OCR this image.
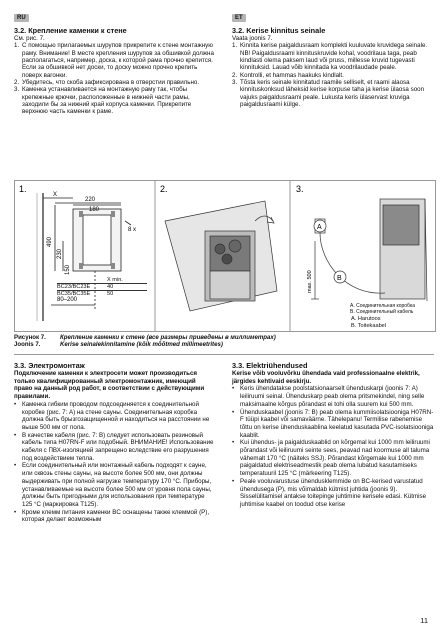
RU	ET
3.2. Крепление каменки к стене

См. рис. 7.

1. С помощью прилагаемых шурупов прикрепите к стене монтажную раму. Внимание! В месте крепления шурупов за обшивкой должна располагаться, например, доска, к которой рама прочно крепится. Если за обшивкой нет доски, то доску можно прочно крепить поверх вагонки.
2. Убедитесь, что скоба зафиксирована в отверстии правильно.
3. Каменка устанавливается на монтажную раму так, чтобы крепежные крючки, расположенные в нижней части рамы, заходили бы за нижний край корпуса каменки. Прикрепите верхнюю часть каменки к раме.
3.2. Kerise kinnitus seinale

Vaata joonis 7.

1. Kinnita kerise paigaldusraam komplekti kuuluvate kruvidega seinale. NB! Paigaldusraami kinnituskruvide kohal, voodrilaua taga, peab kindlasti olema paksem laud või pruss, millesse kruvid tugevasti kinnituksid. Lauad võib kinnitada ka voodrilaudade peale.
2. Kontrolli, et hammas haakuks kindlalt.
3. Tõsta keris seinale kinnitatud raamile selliselt, et raami alaosa kinnituskonksud läheksid kerise korpuse taha ja kerise ülaosa soon vajuks paigaldusraami peale. Lukusta keris ülaservast kruviga paigaldusraami külge.
1.	2.	3.
X
220
180
8 x
490
230
150
80–200
A
B
max. 500
X min.
BC23/BC23E	40
BC35/BC35E	50
A. Соединительная коробка
B. Соединительный кабель
A. Harutoos
B. Toitekaabel
Рисунок 7. Крепление каменки к стене (все размеры приведены в миллиметрах)
Joonis 7.	Kerise seinalekinnitamine (kõik mõõtmed millimeetrites)
3.3. Электромонтаж

Подключение каменки к электросети может производиться только квалифицированный электромонтажник, имеющий право на данный род работ, в соответствии с действующими правилами.

• Каменка гибким проводом подсоединяется к соединительной коробке (рис. 7: A) на стене сауны. Соединительная коробка должна быть брызгозащищенной и находиться на расстоянии не выше 500 мм от пола.
• В качестве кабеля (рис. 7: B) следует использовать резиновый кабель типа H07RN-F или подобный. ВНИМАНИЕ! Использование кабеля с ПВХ-изоляцией запрещено вследствие его разрушения под воздействием тепла.
• Если соединительный или монтажный кабель подходят к сауне, или сквозь стены сауны, на высоте более 500 мм, они должны выдерживать при полной нагрузке температуру 170 °C. Приборы, устанавливаемые на высоте более 500 мм от уровня пола сауны, должны быть пригодными для использования при температуре 125 °C (маркировка T125).
• Кроме клемм питания каменки BC оснащены также клеммой (P), которая делает возможным
3.3. Elektriühendused

Kerise võib vooluvõrku ühendada vaid professionaalne elektrik, järgides kehtivaid eeskirju.

• Keris ühendatakse poolstatsionaarselt ühenduskarpi (joonis 7: A) leiliruumi seinal. Ühenduskarp peab olema pritsmekindel, ning selle maksimaalne kõrgus põrandast ei tohi olla suurem kui 500 mm.
• Ühenduskaabel (joonis 7: B) peab olema kummiisolatsiooniga H07RN-F tüüpi kaabel või samaväärne. Tähelepanu! Termilise rabenemise tõttu on kerise ühenduskaablina keelatud kasutada PVC-isolatsiooniga kaablit.
• Kui ühendus- ja paigalduskaablid on kõrgemal kui 1000 mm leiliruumi põrandast või leiliruumi seinte sees, peavad nad koormuse all taluma vähemalt 170 °C (näiteks SSJ). Põrandast kõrgemale kui 1000 mm paigaldatud elektriseadmestik peab olema lubatud kasutamiseks temperatuuril 125 °C (märkeering T125).
• Peale vooluvarustuse ühendusklemmide on BC-kerised varustatud ühendusega (P), mis võimaldab kütmist juhtida (joonis 9). Sisselülitamisel antakse toitepinge juhtimine kerisele edasi. Kütmise juhtimise kaabel on toodud otse kerise
11
